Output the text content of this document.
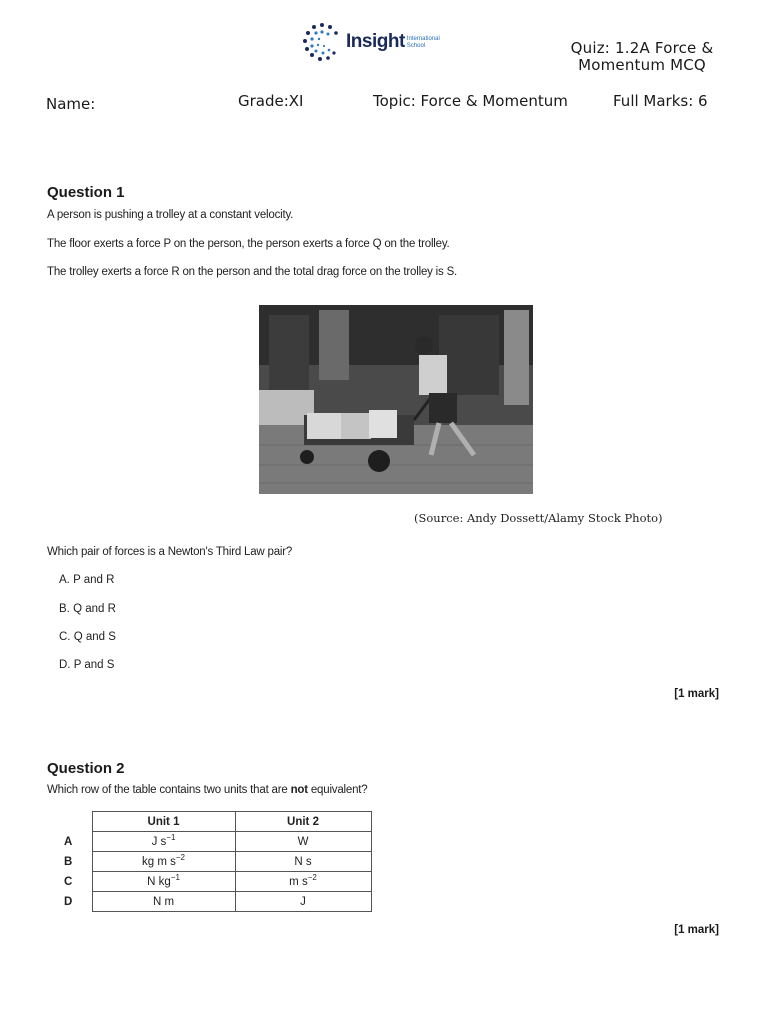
Insight International
School	Quiz: 1.2A Force & Momentum MCQ
Name:	Grade:XI	Topic: Force & Momentum	Full Marks: 6
Question 1
A person is pushing a trolley at a constant velocity.
The floor exerts a force P on the person, the person exerts a force Q on the trolley.
The trolley exerts a force R on the person and the total drag force on the trolley is S.
(Source: Andy Dossett/Alamy Stock Photo)
Which pair of forces is a Newton's Third Law pair?
A. P and R
B. Q and R
C. Q and S
D. P and S
[1 mark]
Question 2
Which row of the table contains two units that are not equivalent?
	Unit 1	Unit 2
A	J $s^{-1}$	W
B	kg m $s^{-2}$	N s
C	N $kg^{-1}$	m $s^{-2}$
D	N m	J
[1 mark]
